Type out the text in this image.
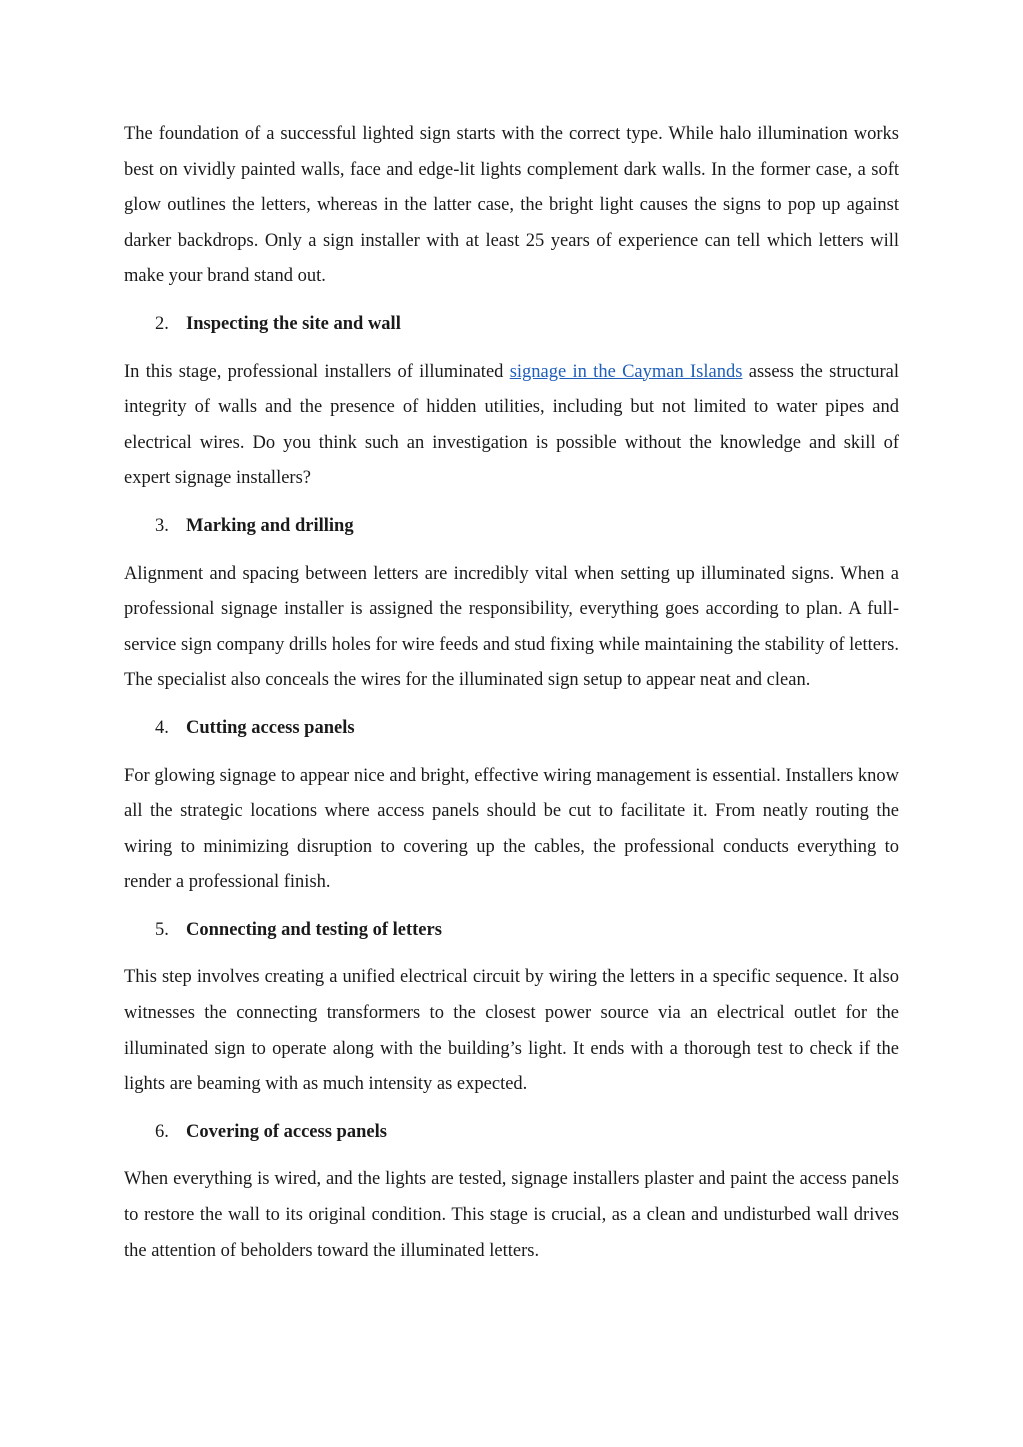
The foundation of a successful lighted sign starts with the correct type. While halo illumination works best on vividly painted walls, face and edge-lit lights complement dark walls. In the former case, a soft glow outlines the letters, whereas in the latter case, the bright light causes the signs to pop up against darker backdrops. Only a sign installer with at least 25 years of experience can tell which letters will make your brand stand out.

2. Inspecting the site and wall

In this stage, professional installers of illuminated signage in the Cayman Islands assess the structural integrity of walls and the presence of hidden utilities, including but not limited to water pipes and electrical wires. Do you think such an investigation is possible without the knowledge and skill of expert signage installers?

3. Marking and drilling

Alignment and spacing between letters are incredibly vital when setting up illuminated signs. When a professional signage installer is assigned the responsibility, everything goes according to plan. A full-service sign company drills holes for wire feeds and stud fixing while maintaining the stability of letters. The specialist also conceals the wires for the illuminated sign setup to appear neat and clean.

4. Cutting access panels

For glowing signage to appear nice and bright, effective wiring management is essential. Installers know all the strategic locations where access panels should be cut to facilitate it. From neatly routing the wiring to minimizing disruption to covering up the cables, the professional conducts everything to render a professional finish.

5. Connecting and testing of letters

This step involves creating a unified electrical circuit by wiring the letters in a specific sequence. It also witnesses the connecting transformers to the closest power source via an electrical outlet for the illuminated sign to operate along with the building’s light. It ends with a thorough test to check if the lights are beaming with as much intensity as expected.

6. Covering of access panels

When everything is wired, and the lights are tested, signage installers plaster and paint the access panels to restore the wall to its original condition. This stage is crucial, as a clean and undisturbed wall drives the attention of beholders toward the illuminated letters.
